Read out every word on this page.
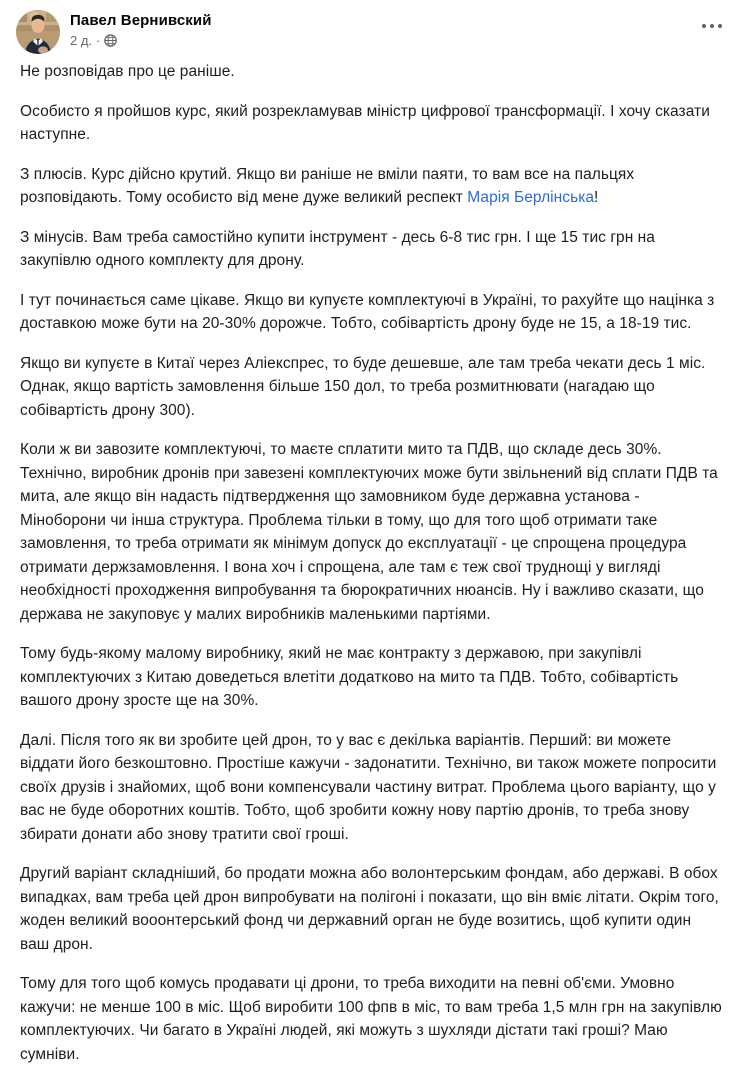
Павел Вернивский
2 д. ·

Не розповідав про це раніше.

Особисто я пройшов курс, який розрекламував міністр цифрової трансформації. І хочу сказати наступне.

З плюсів. Курс дійсно крутий. Якщо ви раніше не вміли паяти, то вам все на пальцях розповідають. Тому особисто від мене дуже великий респект Марія Берлінська!

З мінусів. Вам треба самостійно купити інструмент - десь 6-8 тис грн. І ще 15 тис грн на закупівлю одного комплекту для дрону.

І тут починається саме цікаве. Якщо ви купуєте комплектуючі в Україні, то рахуйте що націнка з доставкою може бути на 20-30% дорожче. Тобто, собівартість дрону буде не 15, а 18-19 тис.

Якщо ви купуєте в Китаї через Аліекспрес, то буде дешевше, але там треба чекати десь 1 міс. Однак, якщо вартість замовлення більше 150 дол, то треба розмитнювати (нагадаю що собівартість дрону 300).

Коли ж ви завозите комплектуючі, то маєте сплатити мито та ПДВ, що складе десь 30%. Технічно, виробник дронів при завезені комплектуючих може бути звільнений від сплати ПДВ та мита, але якщо він надасть підтвердження що замовником буде державна установа - Міноборони чи інша структура. Проблема тільки в тому, що для того щоб отримати таке замовлення, то треба отримати як мінімум допуск до експлуатації - це спрощена процедура отримати держзамовлення. І вона хоч і спрощена, але там є теж свої труднощі у вигляді необхідності проходження випробування та бюрократичних нюансів. Ну і важливо сказати, що держава не закуповує у малих виробників маленькими партіями.

Тому будь-якому малому виробнику, який не має контракту з державою, при закупівлі комплектуючих з Китаю доведеться влетіти додатково на мито та ПДВ. Тобто, собівартість вашого дрону зросте ще на 30%.

Далі. Після того як ви зробите цей дрон, то у вас є декілька варіантів. Перший: ви можете віддати його безкоштовно. Простіше кажучи - задонатити. Технічно, ви також можете попросити своїх друзів і знайомих, щоб вони компенсували частину витрат. Проблема цього варіанту, що у вас не буде оборотних коштів. Тобто, щоб зробити кожну нову партію дронів, то треба знову збирати донати або знову тратити свої гроші.

Другий варіант складніший, бо продати можна або волонтерським фондам, або державі. В обох випадках, вам треба цей дрон випробувати на полігоні і показати, що він вміє літати. Окрім того, жоден великий вооонтерський фонд чи державний орган не буде возитись, щоб купити один ваш дрон.

Тому для того щоб комусь продавати ці дрони, то треба виходити на певні об'єми. Умовно кажучи: не менше 100 в міс. Щоб виробити 100 фпв в міс, то вам треба 1,5 млн грн на закупівлю комплектуючих. Чи багато в Україні людей, які можуть з шухляди дістати такі гроші? Маю сумніви.
